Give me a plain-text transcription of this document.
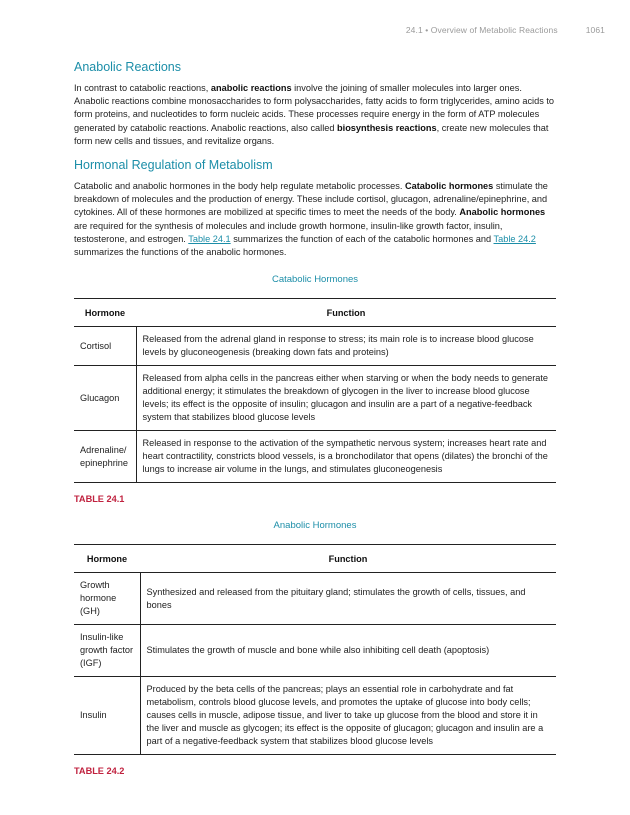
24.1 • Overview of Metabolic Reactions	1061
Anabolic Reactions

In contrast to catabolic reactions, anabolic reactions involve the joining of smaller molecules into larger ones. Anabolic reactions combine monosaccharides to form polysaccharides, fatty acids to form triglycerides, amino acids to form proteins, and nucleotides to form nucleic acids. These processes require energy in the form of ATP molecules generated by catabolic reactions. Anabolic reactions, also called biosynthesis reactions, create new molecules that form new cells and tissues, and revitalize organs.

Hormonal Regulation of Metabolism

Catabolic and anabolic hormones in the body help regulate metabolic processes. Catabolic hormones stimulate the breakdown of molecules and the production of energy. These include cortisol, glucagon, adrenaline/epinephrine, and cytokines. All of these hormones are mobilized at specific times to meet the needs of the body. Anabolic hormones are required for the synthesis of molecules and include growth hormone, insulin-like growth factor, insulin, testosterone, and estrogen. Table 24.1 summarizes the function of each of the catabolic hormones and Table 24.2 summarizes the functions of the anabolic hormones.

Catabolic Hormones
Hormone	Function
Cortisol	Released from the adrenal gland in response to stress; its main role is to increase blood glucose levels by gluconeogenesis (breaking down fats and proteins)
Glucagon	Released from alpha cells in the pancreas either when starving or when the body needs to generate additional energy; it stimulates the breakdown of glycogen in the liver to increase blood glucose levels; its effect is the opposite of insulin; glucagon and insulin are a part of a negative-feedback system that stabilizes blood glucose levels
Adrenaline/ epinephrine	Released in response to the activation of the sympathetic nervous system; increases heart rate and heart contractility, constricts blood vessels, is a bronchodilator that opens (dilates) the bronchi of the lungs to increase air volume in the lungs, and stimulates gluconeogenesis
TABLE 24.1
Anabolic Hormones
Hormone	Function
Growth hormone (GH)	Synthesized and released from the pituitary gland; stimulates the growth of cells, tissues, and bones
Insulin-like growth factor (IGF)	Stimulates the growth of muscle and bone while also inhibiting cell death (apoptosis)
Insulin	Produced by the beta cells of the pancreas; plays an essential role in carbohydrate and fat metabolism, controls blood glucose levels, and promotes the uptake of glucose into body cells; causes cells in muscle, adipose tissue, and liver to take up glucose from the blood and store it in the liver and muscle as glycogen; its effect is the opposite of glucagon; glucagon and insulin are a part of a negative-feedback system that stabilizes blood glucose levels
TABLE 24.2
